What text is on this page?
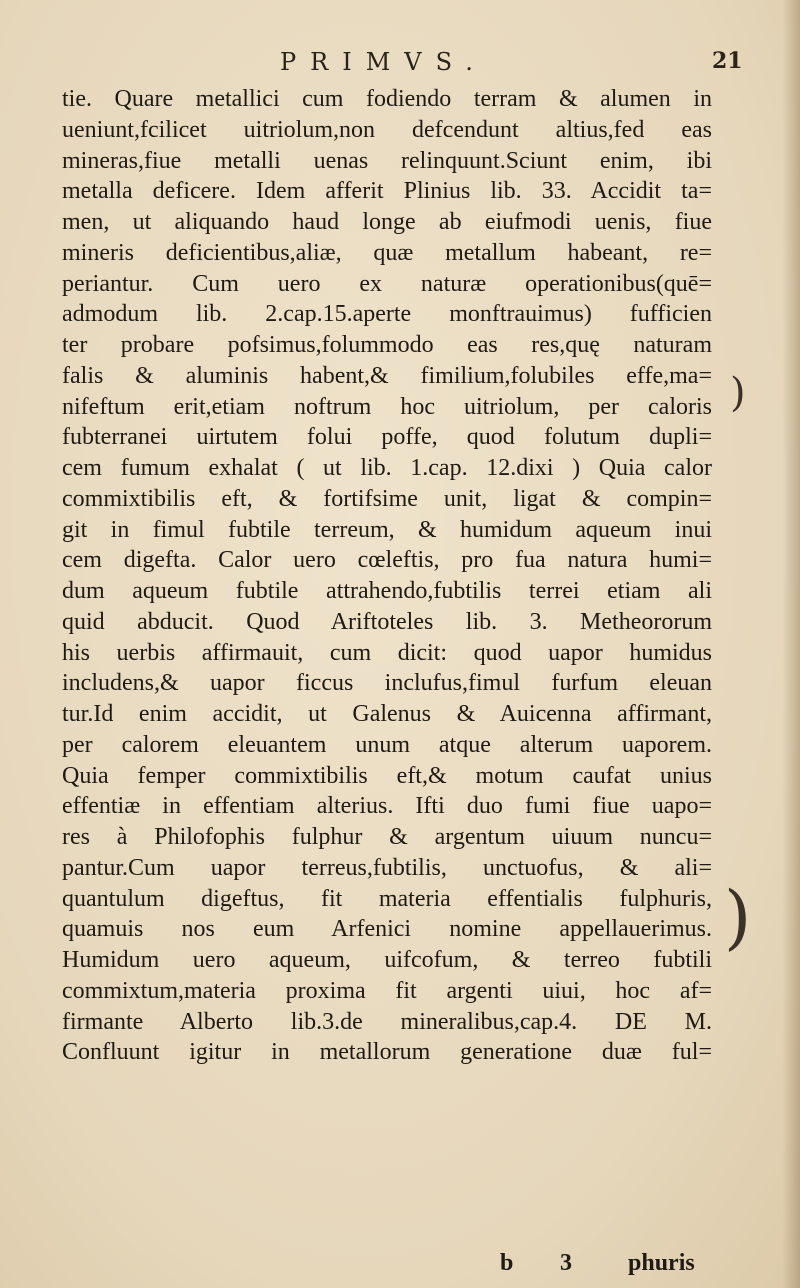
PRIMVS.	21
tie. Quare metallici cum fodiendo terram & alumen in
ueniunt,fcilicet uitriolum,non defcendunt altius,fed eas
mineras,fiue metalli uenas relinquunt.Sciunt enim, ibi
metalla deficere. Idem afferit Plinius lib. 33. Accidit ta=
men, ut aliquando haud longe ab eiufmodi uenis, fiue
mineris deficientibus,aliæ, quæ metallum habeant, re=
periantur. Cum uero ex naturæ operationibus(quē=
admodum lib. 2.cap.15.aperte monftrauimus) fufficien
ter probare pofsimus,folummodo eas res,quę naturam
falis & aluminis habent,& fimilium,folubiles effe,ma=
nifeftum erit,etiam noftrum hoc uitriolum, per caloris
fubterranei uirtutem folui poffe, quod folutum dupli=
cem fumum exhalat ( ut lib. 1.cap. 12.dixi ) Quia calor
commixtibilis eft, & fortifsime unit, ligat & compin=
git in fimul fubtile terreum, & humidum aqueum inui
cem digefta. Calor uero cœleftis, pro fua natura humi=
dum aqueum fubtile attrahendo,fubtilis terrei etiam ali
quid abducit. Quod Ariftoteles lib. 3. Metheororum
his uerbis affirmauit, cum dicit: quod uapor humidus
includens,& uapor ficcus inclufus,fimul furfum eleuan
tur.Id enim accidit, ut Galenus & Auicenna affirmant,
per calorem eleuantem unum atque alterum uaporem.
Quia femper commixtibilis eft,& motum caufat unius
effentiæ in effentiam alterius. Ifti duo fumi fiue uapo=
res à Philofophis fulphur & argentum uiuum nuncu=
pantur.Cum uapor terreus,fubtilis, unctuofus, & ali=
quantulum digeftus, fit materia effentialis fulphuris,
quamuis nos eum Arfenici nomine appellauerimus.
Humidum uero aqueum, uifcofum, & terreo fubtili
commixtum,materia proxima fit argenti uiui, hoc af=
firmante Alberto lib.3.de mineralibus,cap.4. DE M.
Confluunt igitur in metallorum generatione duæ ful=
)
)
b 3 phuris
